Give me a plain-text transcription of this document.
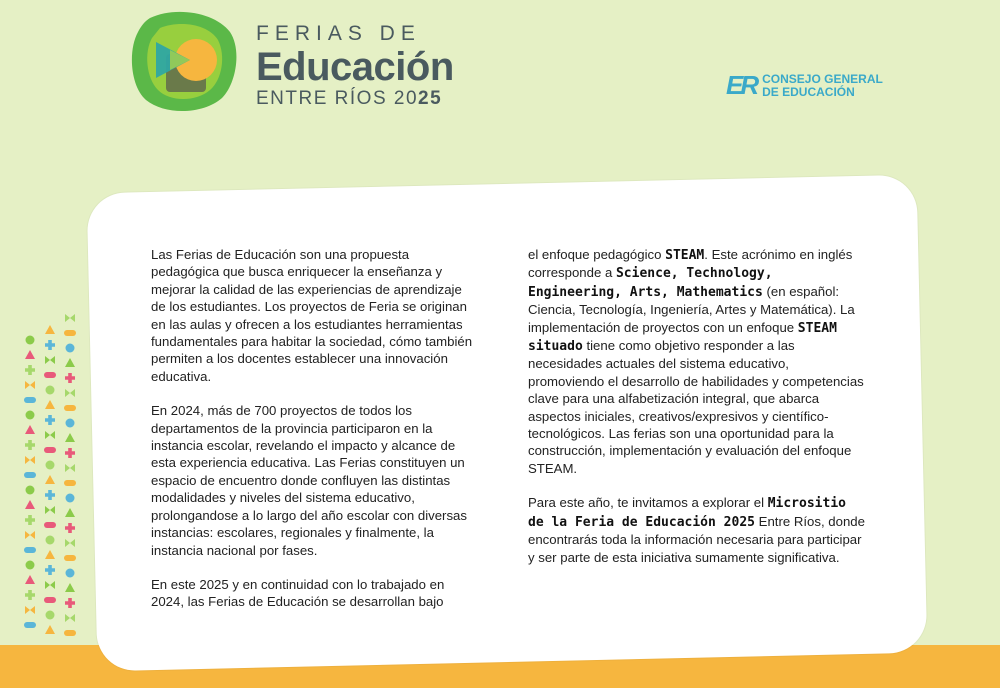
FERIAS DE
Educación
ENTRE RÍOS 2025	ER CONSEJO GENERAL
DE EDUCACIÓN

Las Ferias de Educación son una propuesta pedagógica que busca enriquecer la enseñanza y mejorar la calidad de las experiencias de aprendizaje de los estudiantes. Los proyectos de Feria se originan en las aulas y ofrecen a los estudiantes herramientas fundamentales para habitar la sociedad, cómo también permiten a los docentes establecer una innovación educativa.

En 2024, más de 700 proyectos de todos los departamentos de la provincia participaron en la instancia escolar, revelando el impacto y alcance de esta experiencia educativa. Las Ferias constituyen un espacio de encuentro donde confluyen las distintas modalidades y niveles del sistema educativo, prolongandose a lo largo del año escolar con diversas instancias: escolares, regionales y finalmente, la instancia nacional por fases.

En este 2025 y en continuidad con lo trabajado en 2024, las Ferias de Educación se desarrollan bajo

el enfoque pedagógico STEAM. Este acrónimo en inglés corresponde a Science, Technology, Engineering, Arts, Mathematics (en español: Ciencia, Tecnología, Ingeniería, Artes y Matemática). La implementación de proyectos con un enfoque STEAM situado tiene como objetivo responder a las necesidades actuales del sistema educativo, promoviendo el desarrollo de habilidades y competencias clave para una alfabetización integral, que abarca aspectos iniciales, creativos/expresivos y científico-tecnológicos. Las ferias son una oportunidad para la construcción, implementación y evaluación del enfoque STEAM.

Para este año, te invitamos a explorar el Micrositio de la Feria de Educación 2025 Entre Ríos, donde encontrarás toda la información necesaria para participar y ser parte de esta iniciativa sumamente significativa.
